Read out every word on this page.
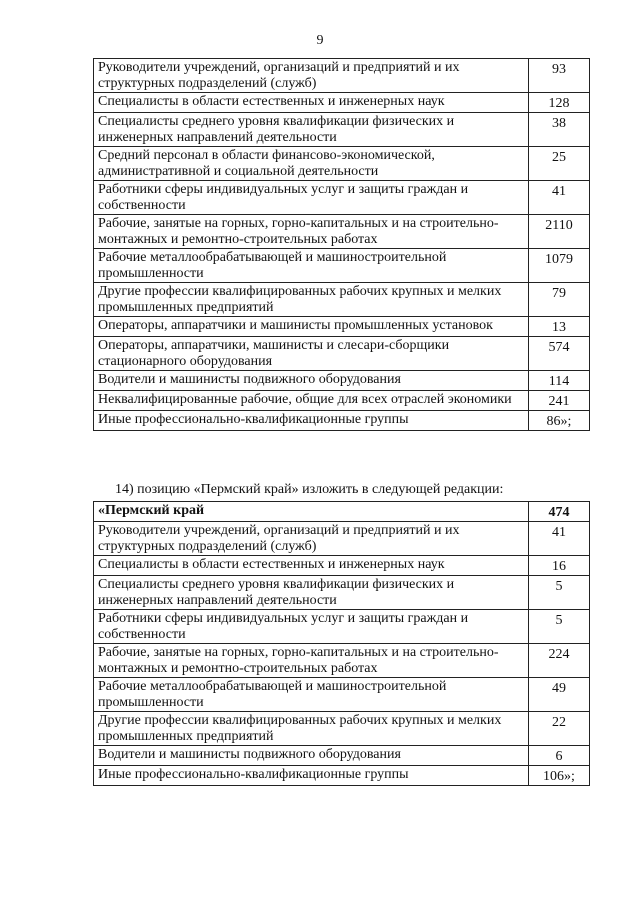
9
Руководители учреждений, организаций и предприятий и их структурных подразделений (служб)	93
Специалисты в области естественных и инженерных наук	128
Специалисты среднего уровня квалификации физических и инженерных направлений деятельности	38
Средний персонал в области финансово-экономической, административной и социальной деятельности	25
Работники сферы индивидуальных услуг и защиты граждан и собственности	41
Рабочие, занятые на горных, горно-капитальных и на строительно-монтажных и ремонтно-строительных работах	2110
Рабочие металлообрабатывающей и машиностроительной промышленности	1079
Другие профессии квалифицированных рабочих крупных и мелких промышленных предприятий	79
Операторы, аппаратчики и машинисты промышленных установок	13
Операторы, аппаратчики, машинисты и слесари-сборщики стационарного оборудования	574
Водители и машинисты подвижного оборудования	114
Неквалифицированные рабочие, общие для всех отраслей экономики	241
Иные профессионально-квалификационные группы	86»;
14) позицию «Пермский край» изложить в следующей редакции:
«Пермский край	474
Руководители учреждений, организаций и предприятий и их структурных подразделений (служб)	41
Специалисты в области естественных и инженерных наук	16
Специалисты среднего уровня квалификации физических и инженерных направлений деятельности	5
Работники сферы индивидуальных услуг и защиты граждан и собственности	5
Рабочие, занятые на горных, горно-капитальных и на строительно-монтажных и ремонтно-строительных работах	224
Рабочие металлообрабатывающей и машиностроительной промышленности	49
Другие профессии квалифицированных рабочих крупных и мелких промышленных предприятий	22
Водители и машинисты подвижного оборудования	6
Иные профессионально-квалификационные группы	106»;
